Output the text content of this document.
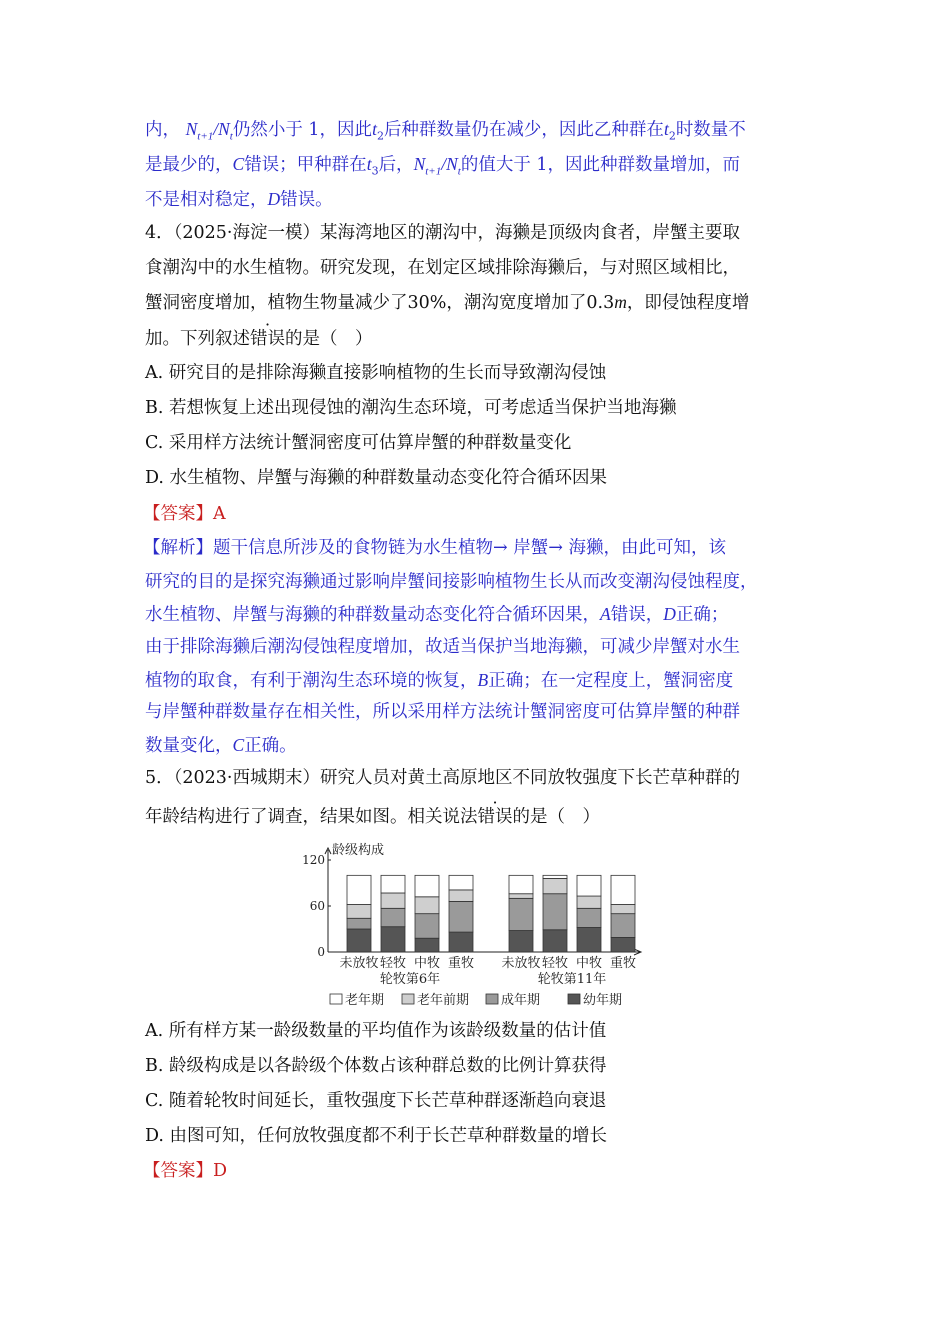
内， $N_{t+1}/N_t$仍然小于 1，因此$t_2$后种群数量仍在减少，因此乙种群在$t_2$时数量不
是最少的，C错误；甲种群在$t_3$后，$N_{t+1}/N_t$的值大于 1，因此种群数量增加，而
不是相对稳定，D错误。
4．（2025·海淀一模）某海湾地区的潮沟中，海獭是顶级肉食者，岸蟹主要取
食潮沟中的水生植物。研究发现，在划定区域排除海獭后，与对照区域相比，
蟹洞密度增加，植物生物量减少了30%，潮沟宽度增加了0.3m，即侵蚀程度增
加。下列叙述错误的是（　）
A. 研究目的是排除海獭直接影响植物的生长而导致潮沟侵蚀
B. 若想恢复上述出现侵蚀的潮沟生态环境，可考虑适当保护当地海獭
C. 采用样方法统计蟹洞密度可估算岸蟹的种群数量变化
D. 水生植物、岸蟹与海獭的种群数量动态变化符合循环因果
【答案】A
【解析】题干信息所涉及的食物链为水生植物→ 岸蟹→ 海獭，由此可知，该
研究的目的是探究海獭通过影响岸蟹间接影响植物生长从而改变潮沟侵蚀程度，
水生植物、岸蟹与海獭的种群数量动态变化符合循环因果，A错误，D正确；
由于排除海獭后潮沟侵蚀程度增加，故适当保护当地海獭，可减少岸蟹对水生
植物的取食，有利于潮沟生态环境的恢复，B正确；在一定程度上，蟹洞密度
与岸蟹种群数量存在相关性，所以采用样方法统计蟹洞密度可估算岸蟹的种群
数量变化，C正确。
5．（2023·西城期末）研究人员对黄土高原地区不同放牧强度下长芒草种群的
年龄结构进行了调查，结果如图。相关说法错误的是（　）
龄级构成
0
60
120
未放牧 轻牧 中牧 重牧 未放牧 轻牧 中牧 重牧
轮牧第6年	轮牧第11年
老年期	老年前期 成年期	幼年期
A. 所有样方某一龄级数量的平均值作为该龄级数量的估计值
B. 龄级构成是以各龄级个体数占该种群总数的比例计算获得
C. 随着轮牧时间延长，重牧强度下长芒草种群逐渐趋向衰退
D. 由图可知，任何放牧强度都不利于长芒草种群数量的增长
【答案】D
